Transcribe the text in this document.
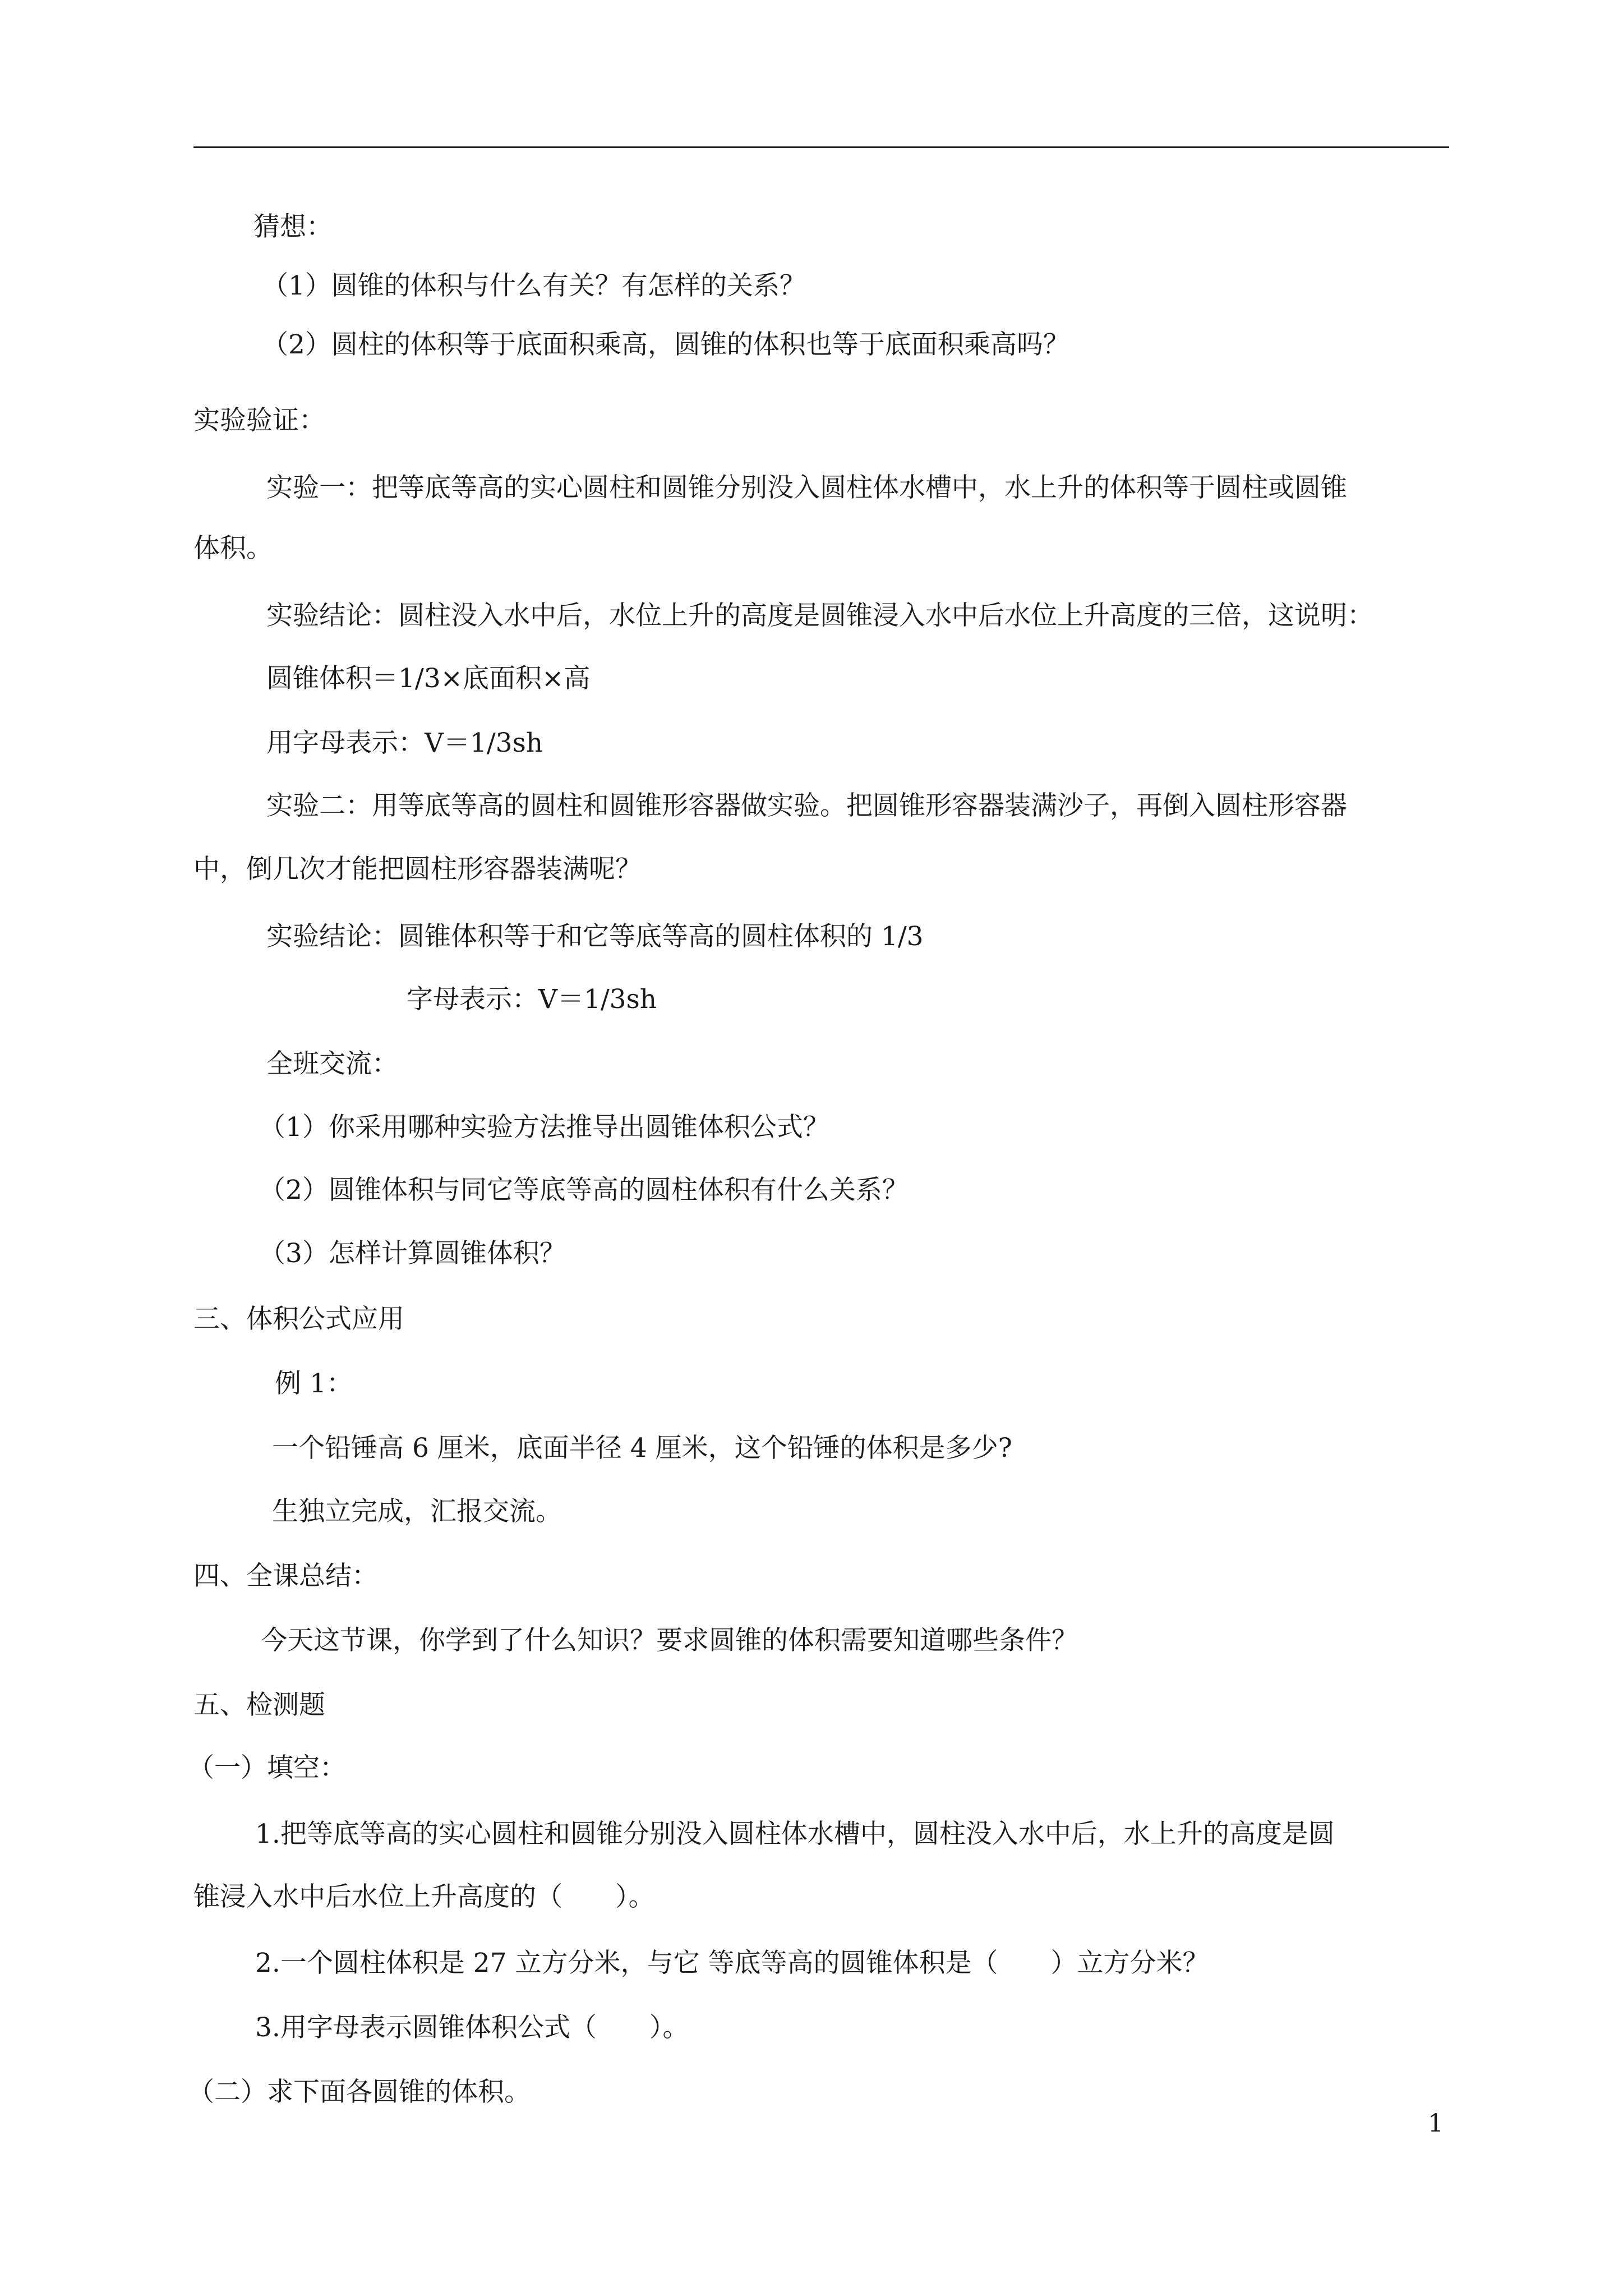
猜想：
（1）圆锥的体积与什么有关？有怎样的关系？
（2）圆柱的体积等于底面积乘高，圆锥的体积也等于底面积乘高吗？
实验验证：
实验一：把等底等高的实心圆柱和圆锥分别没入圆柱体水槽中，水上升的体积等于圆柱或圆锥
体积。
实验结论：圆柱没入水中后，水位上升的高度是圆锥浸入水中后水位上升高度的三倍，这说明：
圆锥体积＝1/3×底面积×高
用字母表示：V＝1/3sh
实验二：用等底等高的圆柱和圆锥形容器做实验。把圆锥形容器装满沙子，再倒入圆柱形容器
中，倒几次才能把圆柱形容器装满呢？
实验结论：圆锥体积等于和它等底等高的圆柱体积的 1/3
字母表示：V＝1/3sh
全班交流：
（1）你采用哪种实验方法推导出圆锥体积公式？
（2）圆锥体积与同它等底等高的圆柱体积有什么关系？
（3）怎样计算圆锥体积？
三、体积公式应用
例 1：
一个铅锤高 6 厘米，底面半径 4 厘米，这个铅锤的体积是多少?
生独立完成，汇报交流。
四、全课总结：
今天这节课，你学到了什么知识？要求圆锥的体积需要知道哪些条件？
五、检测题
（一）填空：
1.把等底等高的实心圆柱和圆锥分别没入圆柱体水槽中，圆柱没入水中后，水上升的高度是圆
锥浸入水中后水位上升高度的（　　）。
2.一个圆柱体积是 27 立方分米，与它 等底等高的圆锥体积是（　　）立方分米？
3.用字母表示圆锥体积公式（　　）。
（二）求下面各圆锥的体积。
1
